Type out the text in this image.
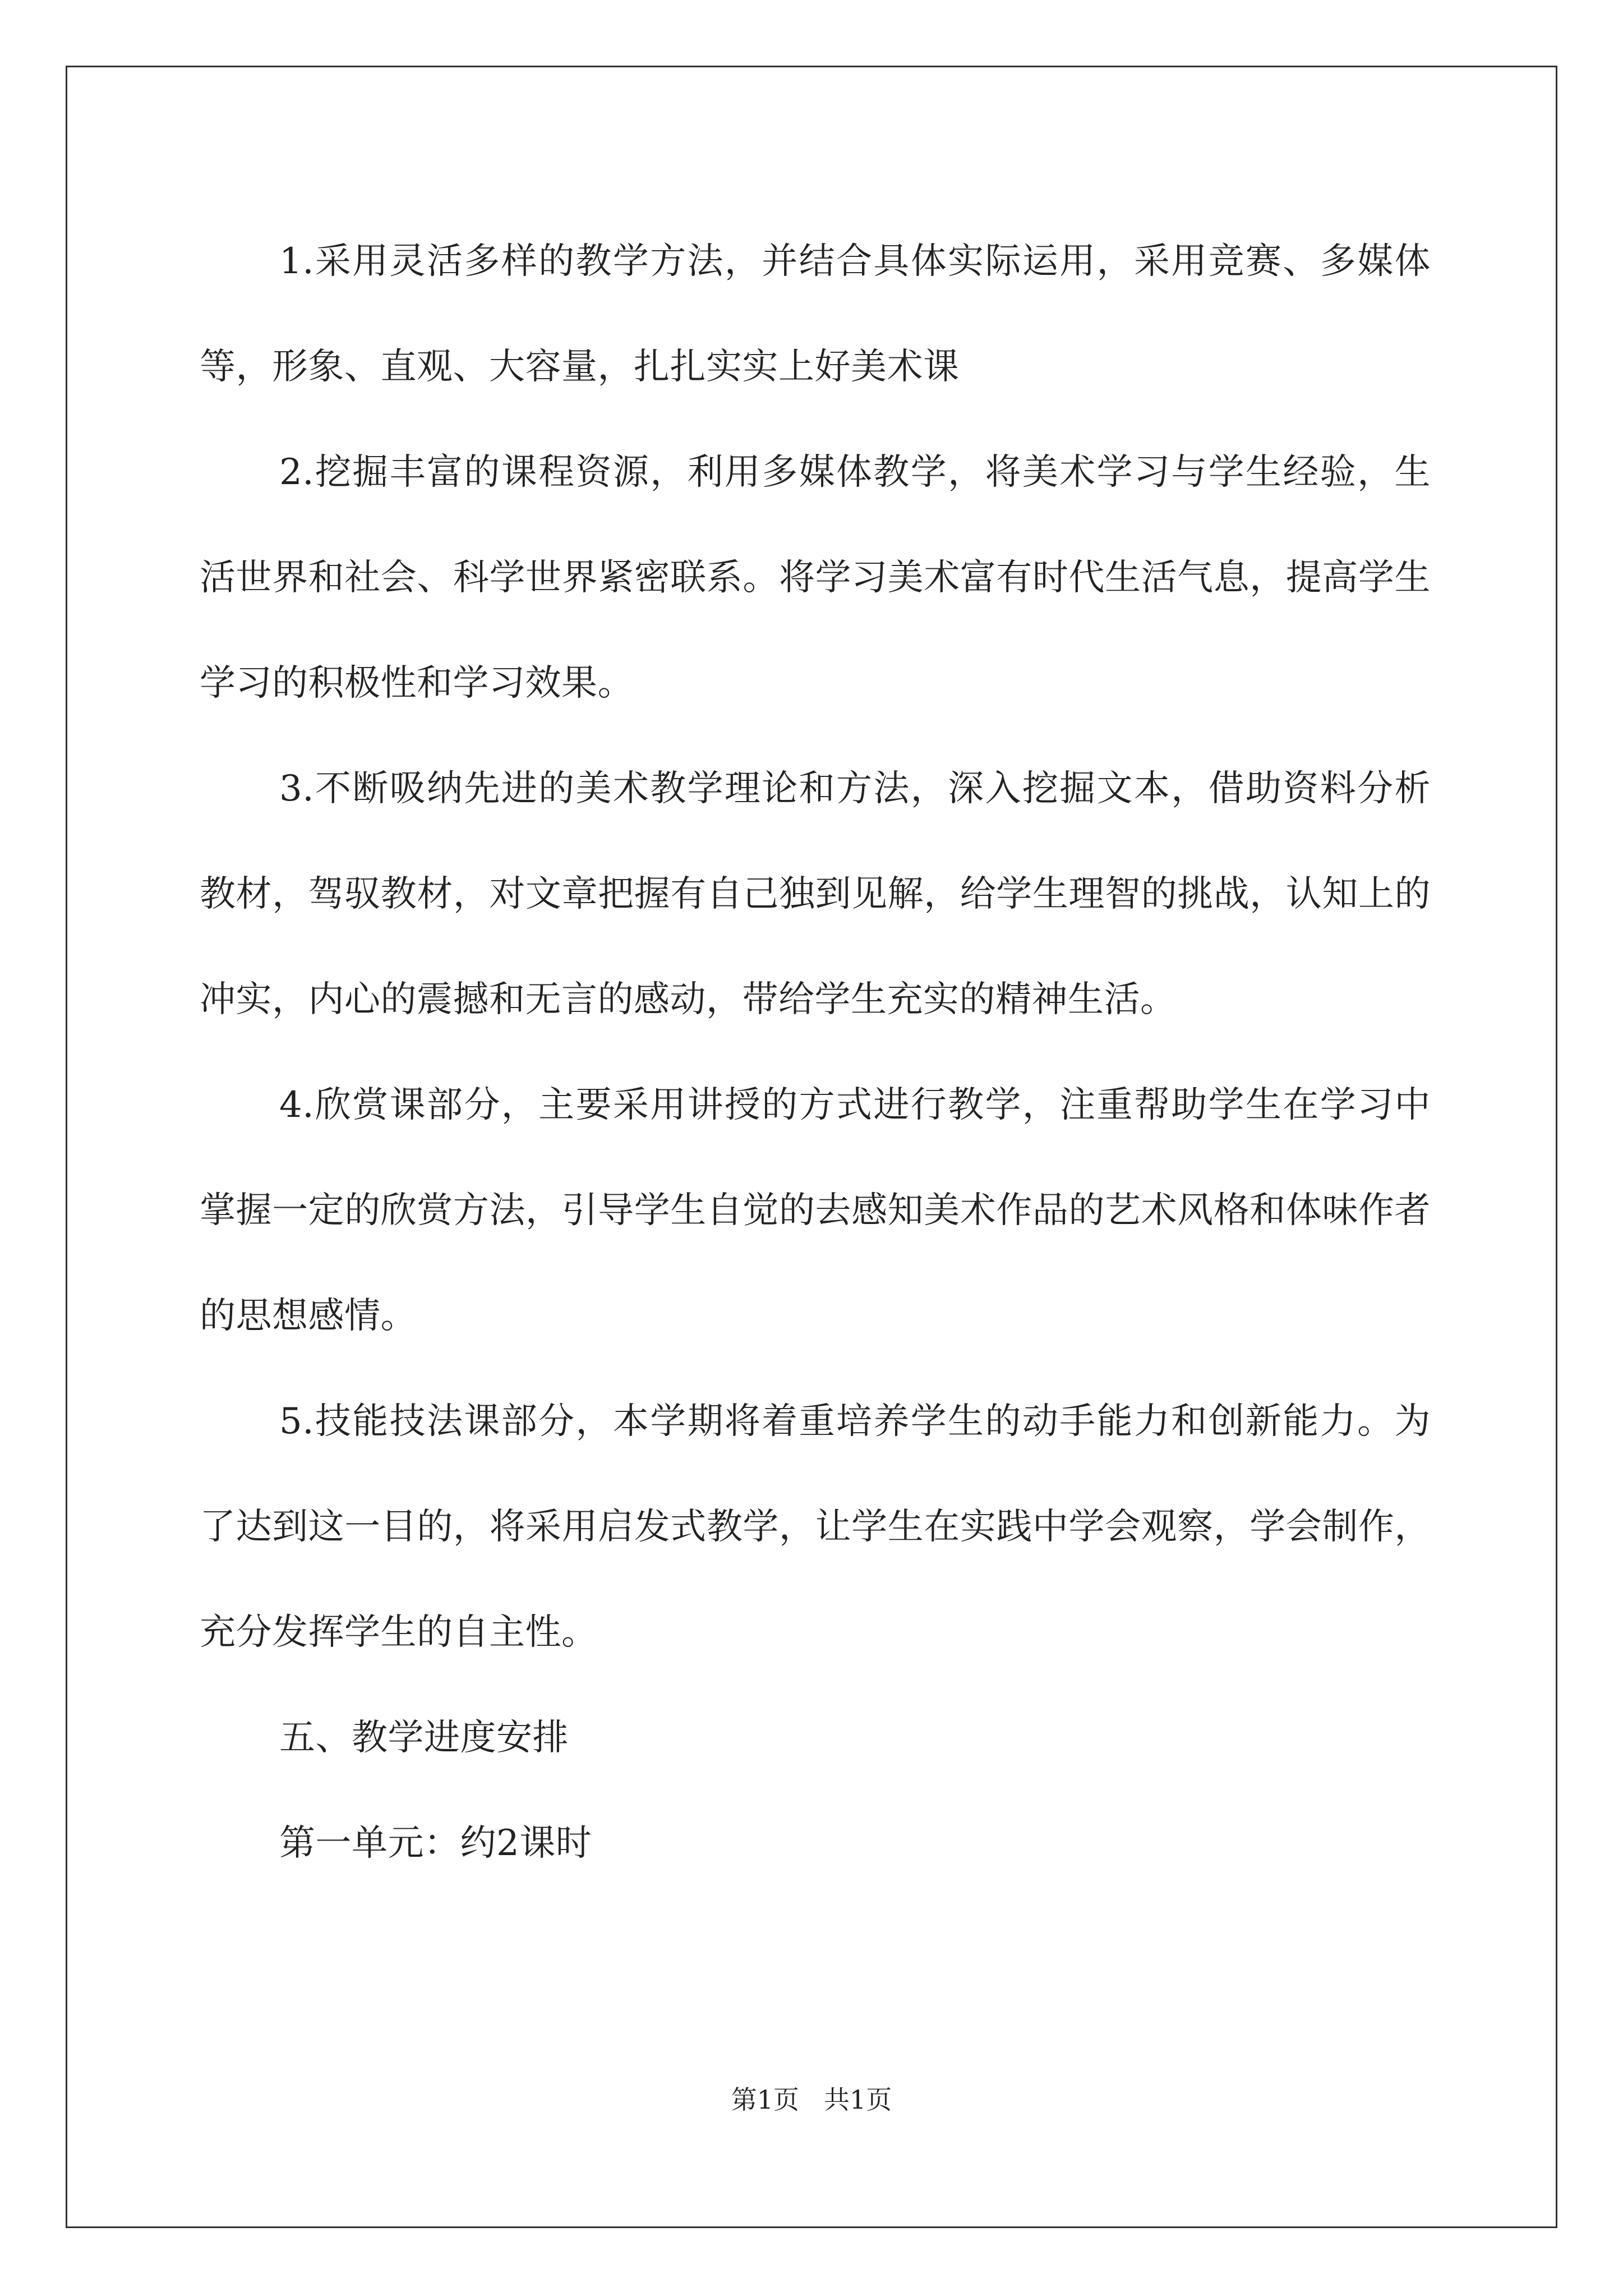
1.采用灵活多样的教学方法，并结合具体实际运用，采用竞赛、多媒体等，形象、直观、大容量，扎扎实实上好美术课

2.挖掘丰富的课程资源，利用多媒体教学，将美术学习与学生经验，生活世界和社会、科学世界紧密联系。将学习美术富有时代生活气息，提高学生学习的积极性和学习效果。

3.不断吸纳先进的美术教学理论和方法，深入挖掘文本，借助资料分析教材，驾驭教材，对文章把握有自己独到见解，给学生理智的挑战，认知上的冲实，内心的震撼和无言的感动，带给学生充实的精神生活。

4.欣赏课部分，主要采用讲授的方式进行教学，注重帮助学生在学习中掌握一定的欣赏方法，引导学生自觉的去感知美术作品的艺术风格和体味作者的思想感情。

5.技能技法课部分，本学期将着重培养学生的动手能力和创新能力。为了达到这一目的，将采用启发式教学，让学生在实践中学会观察，学会制作，充分发挥学生的自主性。

五、教学进度安排

第一单元：约2课时

第1页 共1页
